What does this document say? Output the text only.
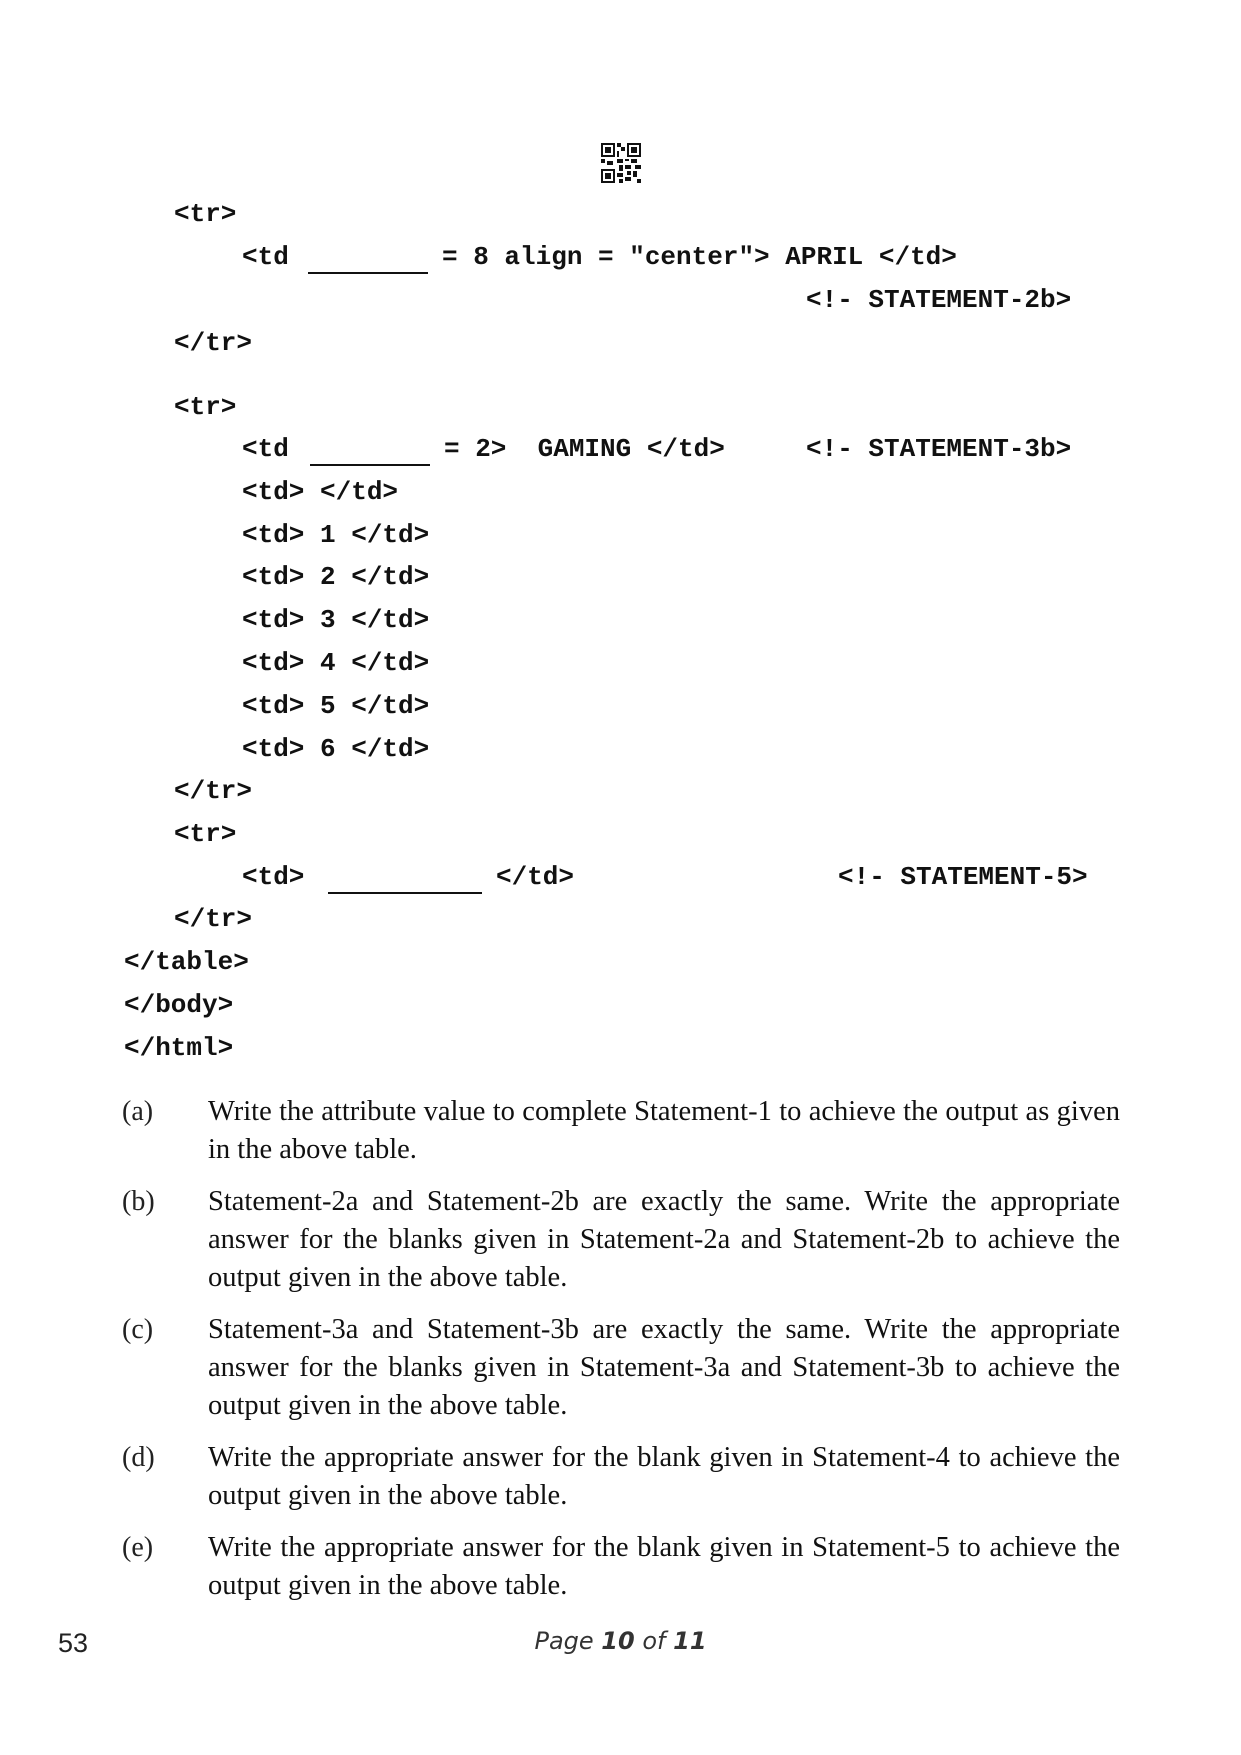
<tr>
<td	= 8 align = "center"> APRIL </td>
<!- STATEMENT-2b>
</tr>
<tr>
<td	= 2>  GAMING </td>	<!- STATEMENT-3b>
<td> </td>
<td> 1 </td>
<td> 2 </td>
<td> 3 </td>
<td> 4 </td>
<td> 5 </td>
<td> 6 </td>
</tr>
<tr>
<td>	</td>	<!- STATEMENT-5>
</tr>
</table>
</body>
</html>
(a)	Write the attribute value to complete Statement-1 to achieve the output as given in the above table.
(b)	Statement-2a and Statement-2b are exactly the same. Write the appropriate answer for the blanks given in Statement-2a and Statement-2b to achieve the output given in the above table.
(c)	Statement-3a and Statement-3b are exactly the same. Write the appropriate answer for the blanks given in Statement-3a and Statement-3b to achieve the output given in the above table.
(d)	Write the appropriate answer for the blank given in Statement-4 to achieve the output given in the above table.
(e)	Write the appropriate answer for the blank given in Statement-5 to achieve the output given in the above table.
53	Page 10 of 11
